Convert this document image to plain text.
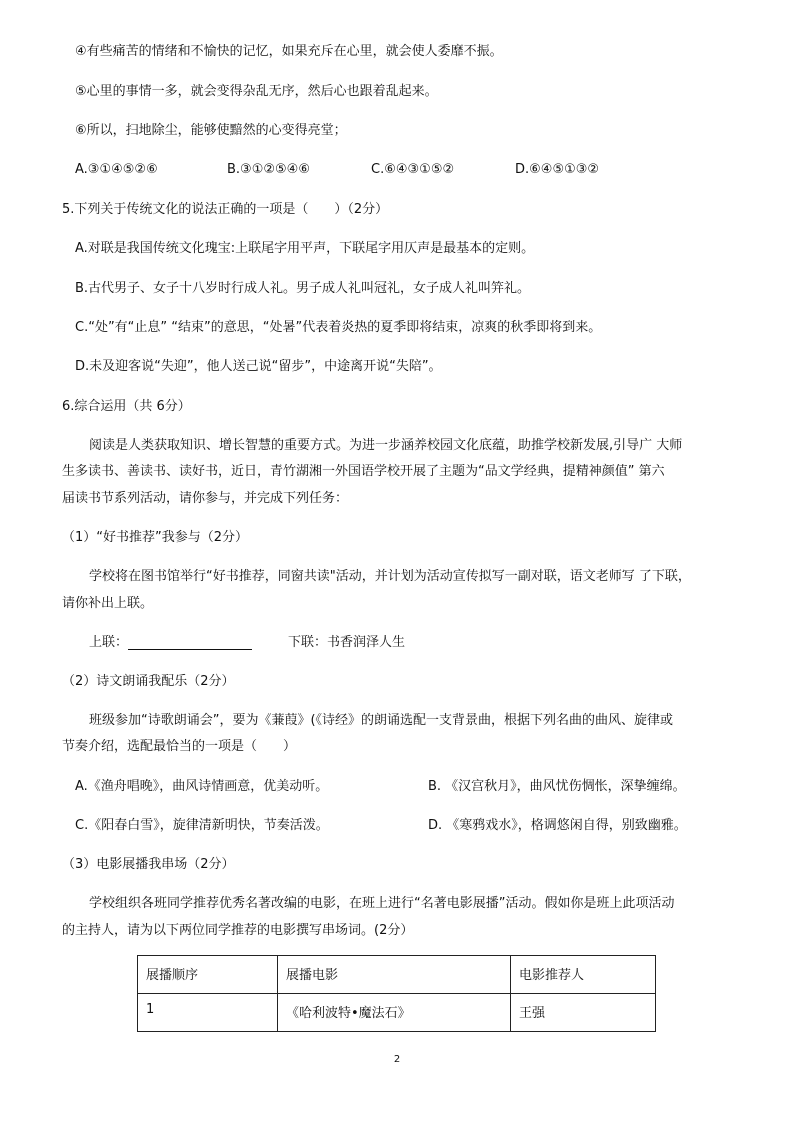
④有些痛苦的情绪和不愉快的记忆，如果充斥在心里，就会使人委靡不振。
⑤心里的事情一多，就会变得杂乱无序，然后心也跟着乱起来。
⑥所以，扫地除尘，能够使黯然的心变得亮堂；
A.③①④⑤②⑥	B.③①②⑤④⑥	C.⑥④③①⑤②	D.⑥④⑤①③②
5.下列关于传统文化的说法正确的一项是（　　）（2分）
A.对联是我国传统文化瑰宝:上联尾字用平声，下联尾字用仄声是最基本的定则。
B.古代男子、女子十八岁时行成人礼。男子成人礼叫冠礼，女子成人礼叫笄礼。
C.“处”有“止息” “结束”的意思，“处暑”代表着炎热的夏季即将结束，凉爽的秋季即将到来。
D.未及迎客说“失迎”，他人送己说“留步”，中途离开说“失陪”。
6.综合运用（共 6分）
阅读是人类获取知识、增长智慧的重要方式。为进一步涵养校园文化底蕴，助推学校新发展,引导广 大师
生多读书、善读书、读好书，近日，青竹湖湘一外国语学校开展了主题为“品文学经典，提精神颜值” 第六
届读书节系列活动，请你参与，并完成下列任务：
（1）“好书推荐”我参与（2分）
学校将在图书馆举行“好书推荐，同窗共读"活动，并计划为活动宣传拟写一副对联，语文老师写 了下联，
请你补出上联。
上联：	下联：书香润泽人生
（2）诗文朗诵我配乐（2分）
班级参加“诗歌朗诵会”，要为《蒹葭》(《诗经》的朗诵选配一支背景曲，根据下列名曲的曲风、旋律或
节奏介绍，选配最恰当的一项是（　　）
A.《渔舟唱晚》，曲风诗情画意，优美动听。	B. 《汉宫秋月》，曲风忧伤惆怅，深挚缠绵。
C.《阳春白雪》，旋律清新明快，节奏活泼。	D. 《寒鸦戏水》，格调悠闲自得，别致幽雅。
（3）电影展播我串场（2分）
学校组织各班同学推荐优秀名著改编的电影，在班上进行“名著电影展播”活动。假如你是班上此项活动
的主持人，请为以下两位同学推荐的电影撰写串场词。(2分）
展播顺序	展播电影	电影推荐人
1	《哈利波特•魔法石》	王强
2
